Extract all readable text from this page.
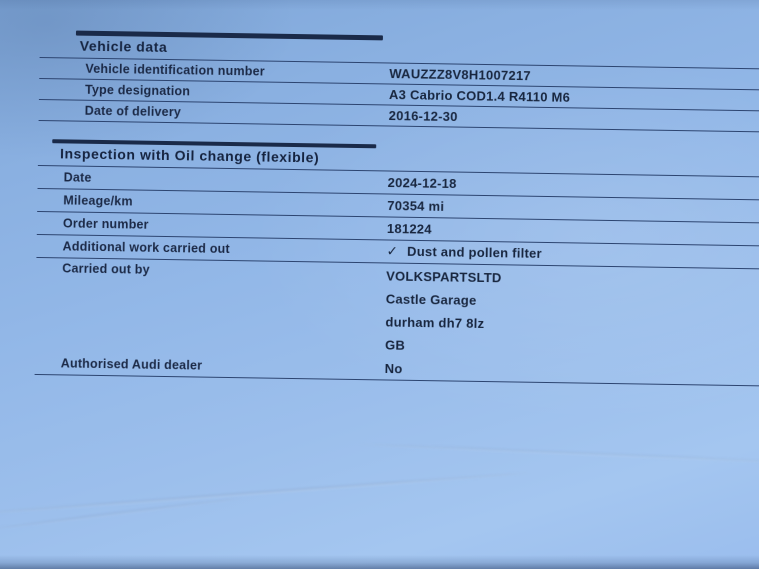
Vehicle data
Vehicle identification number	WAUZZZ8V8H1007217
Type designation	A3 Cabrio COD1.4 R4110 M6
Date of delivery	2016-12-30
Inspection with Oil change (flexible)
Date	2024-12-18
Mileage/km	70354 mi
Order number	181224
Additional work carried out	✓ Dust and pollen filter
Carried out by	VOLKSPARTSLTD
Castle Garage
durham dh7 8lz
GB
Authorised Audi dealer	No
